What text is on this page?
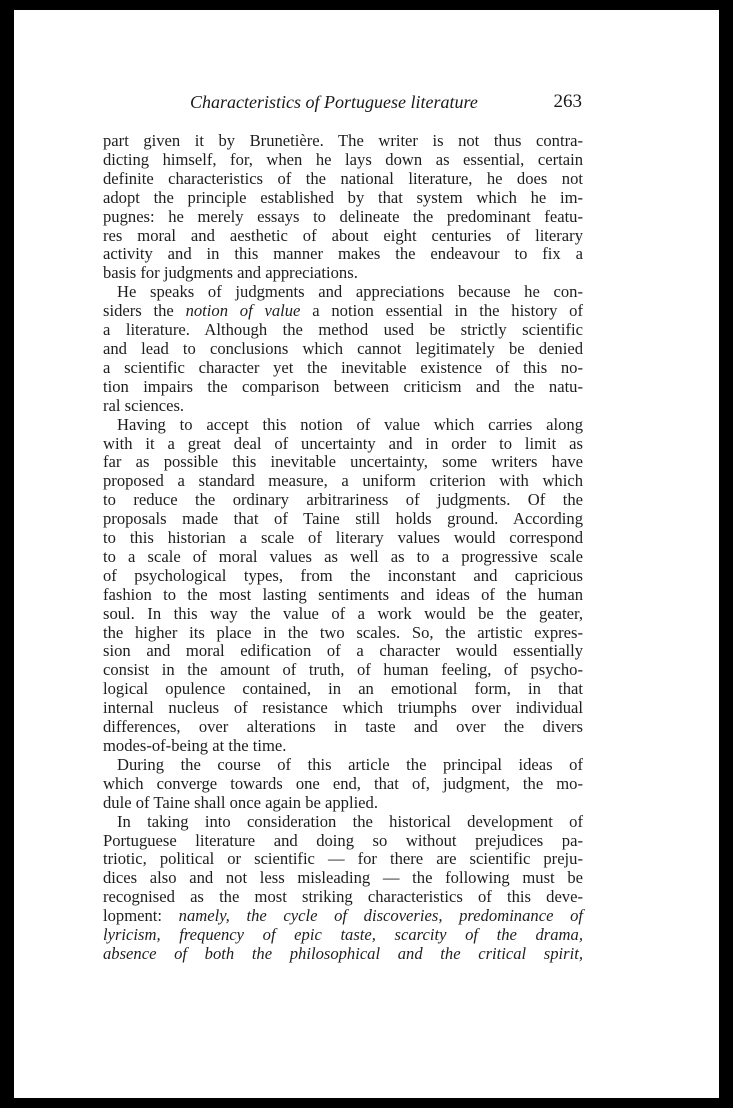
Characteristics of Portuguese literature	263
part given it by Brunetière. The writer is not thus contra-
dicting himself, for, when he lays down as essential, certain
definite characteristics of the national literature, he does not
adopt the principle established by that system which he im-
pugnes: he merely essays to delineate the predominant featu-
res moral and aesthetic of about eight centuries of literary
activity and in this manner makes the endeavour to fix a
basis for judgments and appreciations.
He speaks of judgments and appreciations because he con-
siders the notion of value a notion essential in the history of
a literature. Although the method used be strictly scientific
and lead to conclusions which cannot legitimately be denied
a scientific character yet the inevitable existence of this no-
tion impairs the comparison between criticism and the natu-
ral sciences.
Having to accept this notion of value which carries along
with it a great deal of uncertainty and in order to limit as
far as possible this inevitable uncertainty, some writers have
proposed a standard measure, a uniform criterion with which
to reduce the ordinary arbitrariness of judgments. Of the
proposals made that of Taine still holds ground. According
to this historian a scale of literary values would correspond
to a scale of moral values as well as to a progressive scale
of psychological types, from the inconstant and capricious
fashion to the most lasting sentiments and ideas of the human
soul. In this way the value of a work would be the geater,
the higher its place in the two scales. So, the artistic expres-
sion and moral edification of a character would essentially
consist in the amount of truth, of human feeling, of psycho-
logical opulence contained, in an emotional form, in that
internal nucleus of resistance which triumphs over individual
differences, over alterations in taste and over the divers
modes-of-being at the time.
During the course of this article the principal ideas of
which converge towards one end, that of, judgment, the mo-
dule of Taine shall once again be applied.
In taking into consideration the historical development of
Portuguese literature and doing so without prejudices pa-
triotic, political or scientific — for there are scientific preju-
dices also and not less misleading — the following must be
recognised as the most striking characteristics of this deve-
lopment: namely, the cycle of discoveries, predominance of
lyricism, frequency of epic taste, scarcity of the drama,
absence of both the philosophical and the critical spirit,
